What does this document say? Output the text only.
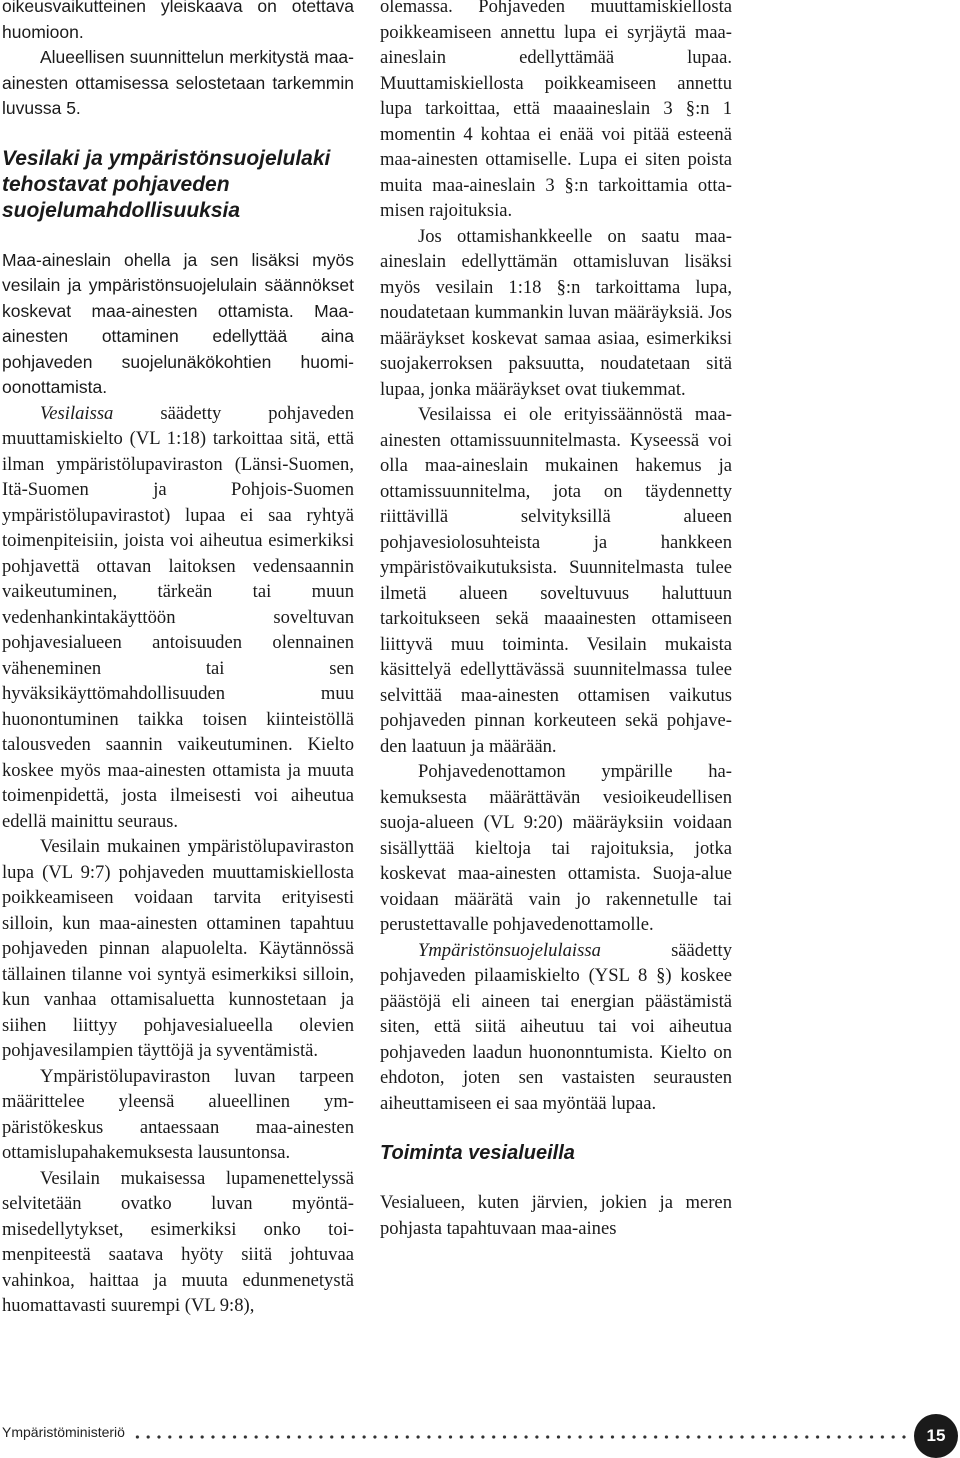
oikeusvaikutteinen yleiskaava on otettava huomioon.

Alueellisen suunnittelun merkitystä maa-ainesten ottamisessa selostetaan tarkemmin luvussa 5.

Vesilaki ja ympäristönsuojelulaki tehostavat pohjaveden suojelumahdollisuuksia

Maa-aineslain ohella ja sen lisäksi myös vesilain ja ympäristönsuojelulain säännökset koskevat maa-ainesten ottamista. Maa-ainesten ottaminen edellyttää aina pohjaveden suojelunäkökohtien huomioonottamista.

Vesilaissa säädetty pohjaveden muuttamiskielto (VL 1:18) tarkoittaa sitä, että ilman ympäristölupaviraston (Länsi-Suomen, Itä-Suomen ja Pohjois-Suomen ympäristölupavirastot) lupaa ei saa ryhtyä toimenpiteisiin, joista voi aiheutua esimerkiksi pohjavettä ottavan laitoksen vedensaannin vaikeutuminen, tärkeän tai muun vedenhankintakäyttöön soveltuvan pohjavesialueen antoisuuden olennainen väheneminen tai sen hyväksikäyttömahdollisuuden muu huonontuminen taikka toisen kiinteistöllä talousveden saannin vaikeutuminen. Kielto koskee myös maa-ainesten ottamista ja muuta toimenpidettä, josta ilmeisesti voi aiheutua edellä mainittu seuraus.

Vesilain mukainen ympäristölupaviraston lupa (VL 9:7) pohjaveden muuttamiskiellosta poikkeamiseen voidaan tarvita erityisesti silloin, kun maa-ainesten ottaminen tapahtuu pohjaveden pinnan alapuolelta. Käytännössä tällainen tilanne voi syntyä esimerkiksi silloin, kun vanhaa ottamisaluetta kunnostetaan ja siihen liittyy pohjavesialueella olevien pohjavesilampien täyttöjä ja syventämistä.

Ympäristölupaviraston luvan tarpeen määrittelee yleensä alueellinen ympäristökeskus antaessaan maa-ainesten ottamislupahakemuksesta lausuntonsa.

Vesilain mukaisessa lupamenettelyssä selvitetään ovatko luvan myöntämisedellytykset, esimerkiksi onko toimenpiteestä saatava hyöty siitä johtuvaa vahinkoa, haittaa ja muuta edunmenetystä huomattavasti suurempi (VL 9:8),

olemassa. Pohjaveden muuttamiskiellosta poikkeamiseen annettu lupa ei syrjäytä maa-aineslain edellyttämää lupaa. Muuttamiskiellosta poikkeamiseen annettu lupa tarkoittaa, että maaaineslain 3 §:n 1 momentin 4 kohtaa ei enää voi pitää esteenä maa-ainesten ottamiselle. Lupa ei siten poista muita maa-aineslain 3 §:n tarkoittamia ottamisen rajoituksia.

Jos ottamishankkeelle on saatu maa-aineslain edellyttämän ottamisluvan lisäksi myös vesilain 1:18 §:n tarkoittama lupa, noudatetaan kummankin luvan määräyksiä. Jos määräykset koskevat samaa asiaa, esimerkiksi suojakerroksen paksuutta, noudatetaan sitä lupaa, jonka määräykset ovat tiukemmat.

Vesilaissa ei ole erityissäännöstä maa-ainesten ottamissuunnitelmasta. Kyseessä voi olla maa-aineslain mukainen hakemus ja ottamissuunnitelma, jota on täydennetty riittävillä selvityksillä alueen pohjavesiolosuhteista ja hankkeen ympäristövaikutuksista. Suunnitelmasta tulee ilmetä alueen soveltuvuus haluttuun tarkoitukseen sekä maaainesten ottamiseen liittyvä muu toiminta. Vesilain mukaista käsittelyä edellyttävässä suunnitelmassa tulee selvittää maa-ainesten ottamisen vaikutus pohjaveden pinnan korkeuteen sekä pohjaveden laatuun ja määrään.

Pohjavedenottamon ympärille hakemuksesta määrättävän vesioikeudellisen suoja-alueen (VL 9:20) määräyksiin voidaan sisällyttää kieltoja tai rajoituksia, jotka koskevat maa-ainesten ottamista. Suoja-alue voidaan määrätä vain jo rakennetulle tai perustettavalle pohjavedenottamolle.

Ympäristönsuojelulaissa säädetty pohjaveden pilaamiskielto (YSL 8 §) koskee päästöjä eli aineen tai energian päästämistä siten, että siitä aiheutuu tai voi aiheutua pohjaveden laadun huononntumista. Kielto on ehdoton, joten sen vastaisten seurausten aiheuttamiseen ei saa myöntää lupaa.

Toiminta vesialueilla

Vesialueen, kuten järvien, jokien ja meren pohjasta tapahtuvaan maa-aines

Ympäristöministeriö	15
